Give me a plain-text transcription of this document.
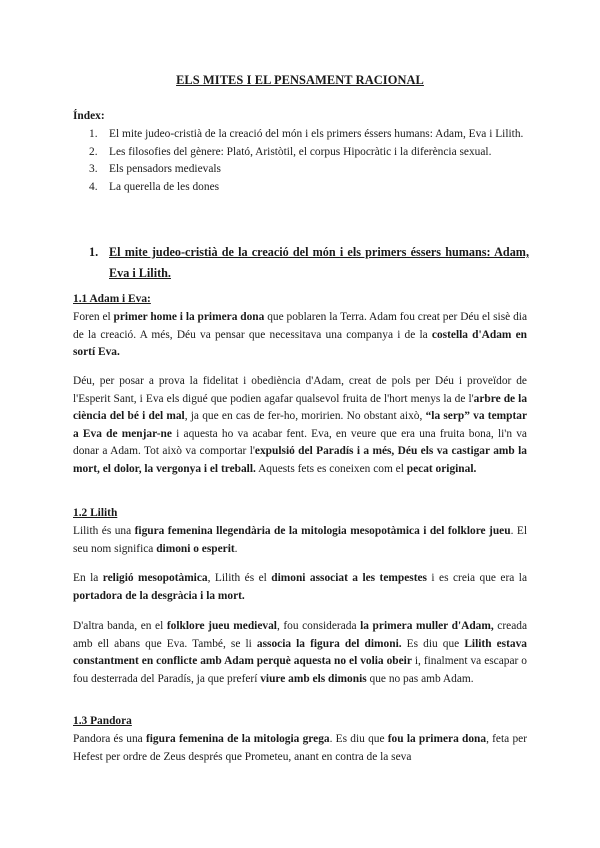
ELS MITES I EL PENSAMENT RACIONAL
Índex:
1.	El mite judeo-cristià de la creació del món i els primers éssers humans: Adam, Eva i Lilith.
2.	Les filosofies del gènere: Plató, Aristòtil, el corpus Hipocràtic i la diferència sexual.
3.	Els pensadors medievals
4.	La querella de les dones
1. El mite judeo-cristià de la creació del món i els primers éssers humans: Adam, Eva i Lilith.
1.1 Adam i Eva:

Foren el primer home i la primera dona que poblaren la Terra. Adam fou creat per Déu el sisè dia de la creació. A més, Déu va pensar que necessitava una companya i de la costella d'Adam en sortí Eva.

Déu, per posar a prova la fidelitat i obediència d'Adam, creat de pols per Déu i proveïdor de l'Esperit Sant, i Eva els digué que podien agafar qualsevol fruita de l'hort menys la de l'arbre de la ciència del bé i del mal, ja que en cas de fer-ho, moririen. No obstant això, “la serp” va temptar a Eva de menjar-ne i aquesta ho va acabar fent. Eva, en veure que era una fruita bona, li'n va donar a Adam. Tot això va comportar l'expulsió del Paradís i a més, Déu els va castigar amb la mort, el dolor, la vergonya i el treball. Aquests fets es coneixen com el pecat original.

1.2 Lilith

Lilith és una figura femenina llegendària de la mitologia mesopotàmica i del folklore jueu. El seu nom significa dimoni o esperit.

En la religió mesopotàmica, Lilith és el dimoni associat a les tempestes i es creia que era la portadora de la desgràcia i la mort.

D'altra banda, en el folklore jueu medieval, fou considerada la primera muller d'Adam, creada amb ell abans que Eva. També, se li associa la figura del dimoni. Es diu que Lilith estava constantment en conflicte amb Adam perquè aquesta no el volia obeir i, finalment va escapar o fou desterrada del Paradís, ja que preferí viure amb els dimonis que no pas amb Adam.

1.3 Pandora

Pandora és una figura femenina de la mitologia grega. Es diu que fou la primera dona, feta per Hefest per ordre de Zeus després que Prometeu, anant en contra de la seva
